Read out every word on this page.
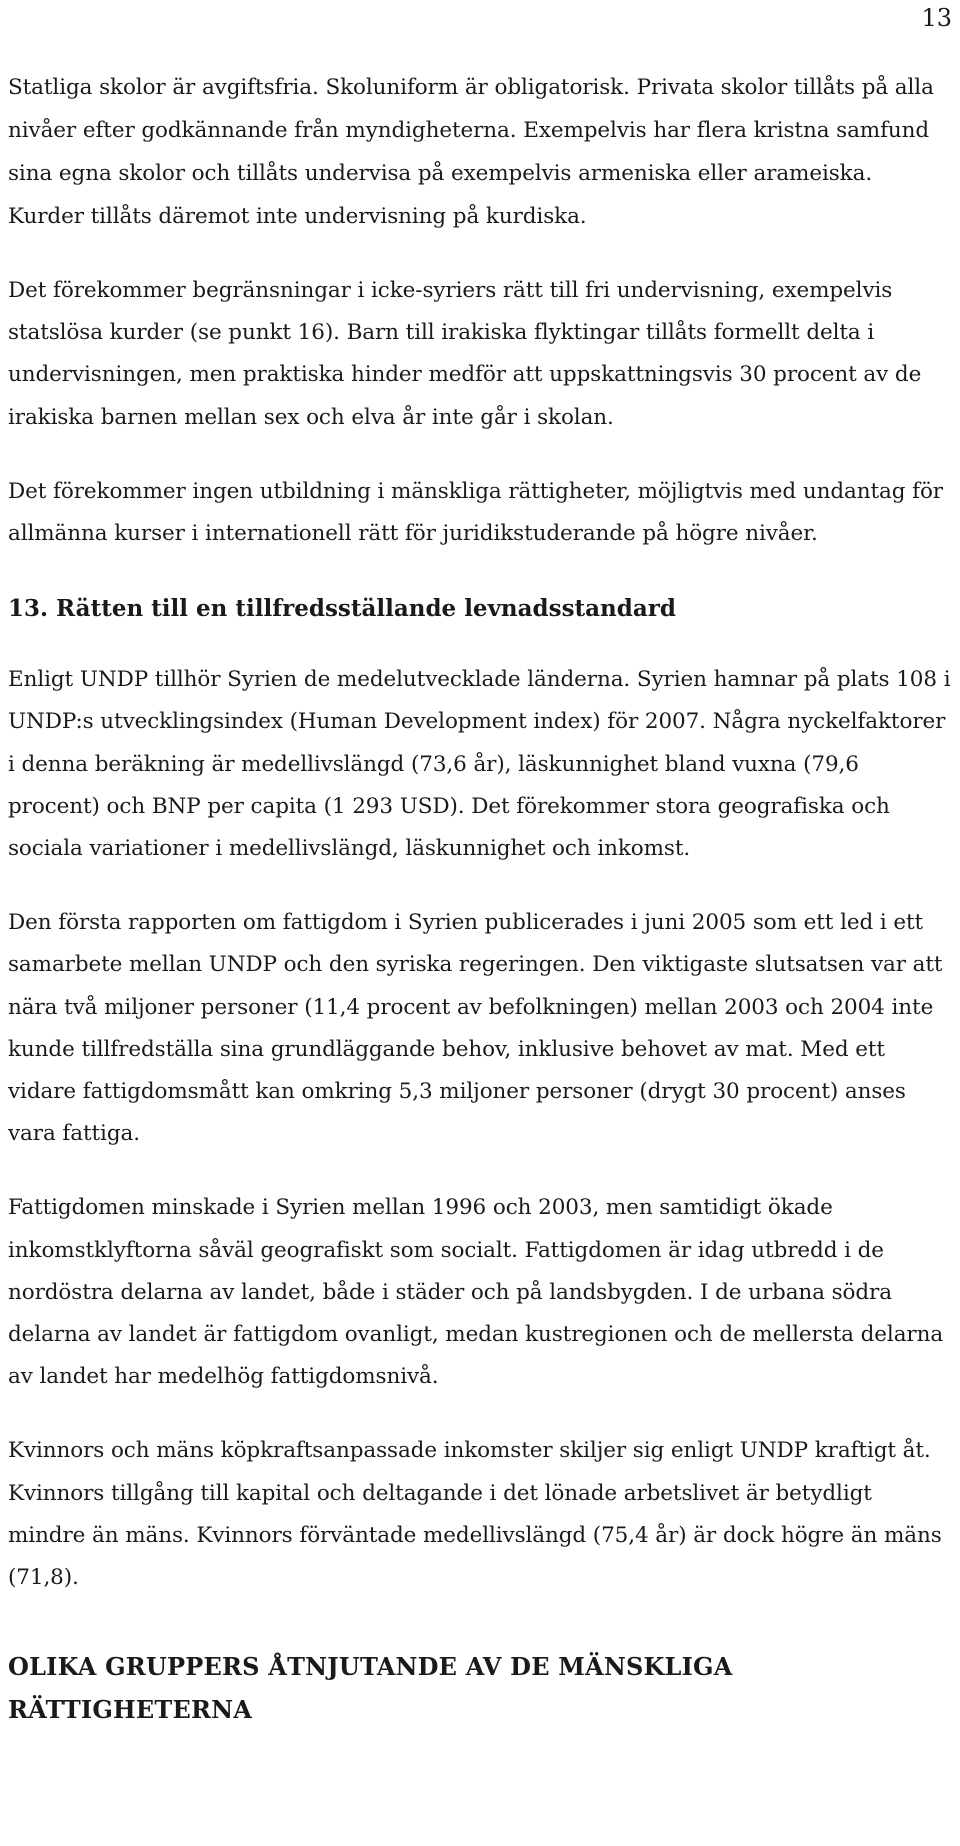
13

Statliga skolor är avgiftsfria. Skoluniform är obligatorisk. Privata skolor tillåts på alla nivåer efter godkännande från myndigheterna. Exempelvis har flera kristna samfund sina egna skolor och tillåts undervisa på exempelvis armeniska eller arameiska. Kurder tillåts däremot inte undervisning på kurdiska.

Det förekommer begränsningar i icke-syriers rätt till fri undervisning, exempelvis statslösa kurder (se punkt 16). Barn till irakiska flyktingar tillåts formellt delta i undervisningen, men praktiska hinder medför att uppskattningsvis 30 procent av de irakiska barnen mellan sex och elva år inte går i skolan.

Det förekommer ingen utbildning i mänskliga rättigheter, möjligtvis med undantag för allmänna kurser i internationell rätt för juridikstuderande på högre nivåer.

13. Rätten till en tillfredsställande levnadsstandard

Enligt UNDP tillhör Syrien de medelutvecklade länderna. Syrien hamnar på plats 108 i UNDP:s utvecklingsindex (Human Development index) för 2007. Några nyckelfaktorer i denna beräkning är medellivslängd (73,6 år), läskunnighet bland vuxna (79,6 procent) och BNP per capita (1 293 USD). Det förekommer stora geografiska och sociala variationer i medellivslängd, läskunnighet och inkomst.

Den första rapporten om fattigdom i Syrien publicerades i juni 2005 som ett led i ett samarbete mellan UNDP och den syriska regeringen. Den viktigaste slutsatsen var att nära två miljoner personer (11,4 procent av befolkningen) mellan 2003 och 2004 inte kunde tillfredställa sina grundläggande behov, inklusive behovet av mat. Med ett vidare fattigdomsmått kan omkring 5,3 miljoner personer (drygt 30 procent) anses vara fattiga.

Fattigdomen minskade i Syrien mellan 1996 och 2003, men samtidigt ökade inkomstklyftorna såväl geografiskt som socialt. Fattigdomen är idag utbredd i de nordöstra delarna av landet, både i städer och på landsbygden. I de urbana södra delarna av landet är fattigdom ovanligt, medan kustregionen och de mellersta delarna av landet har medelhög fattigdomsnivå.

Kvinnors och mäns köpkraftsanpassade inkomster skiljer sig enligt UNDP kraftigt åt. Kvinnors tillgång till kapital och deltagande i det lönade arbetslivet är betydligt mindre än mäns. Kvinnors förväntade medellivslängd (75,4 år) är dock högre än mäns (71,8).

OLIKA GRUPPERS ÅTNJUTANDE AV DE MÄNSKLIGA RÄTTIGHETERNA
